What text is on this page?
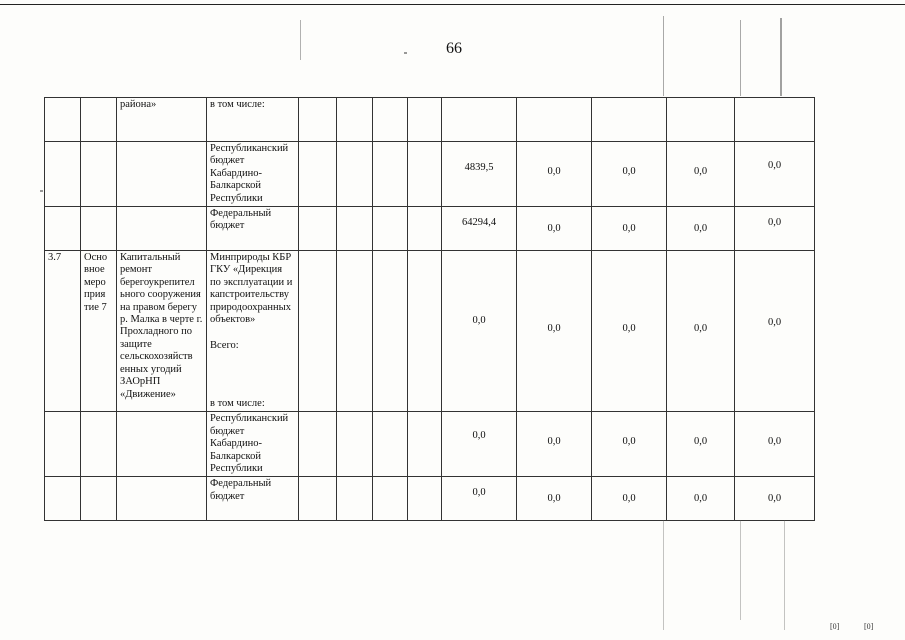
66
		района»	в том числе:									
			Республиканский бюджет Кабардино-Балкарской Республики					4839,5	0,0	0,0	0,0	0,0
			Федеральный бюджет					64294,4	0,0	0,0	0,0	0,0
3.7	Осно вное меро прия тие 7	Капитальный ремонт берегоукрепител ьного сооружения на правом берегу р. Малка в черте г. Прохладного по защите сельскохозяйств енных угодий ЗАОрНП «Движение»	Минприроды КБР ГКУ «Дирекция по эксплуатации и капстроительству природоохранных объектов»
Всего:
в том числе:					0,0	0,0	0,0	0,0	0,0
			Республиканский бюджет Кабардино-Балкарской Республики					0,0	0,0	0,0	0,0	0,0
			Федеральный бюджет					0,0	0,0	0,0	0,0	0,0
[0]	[0]
